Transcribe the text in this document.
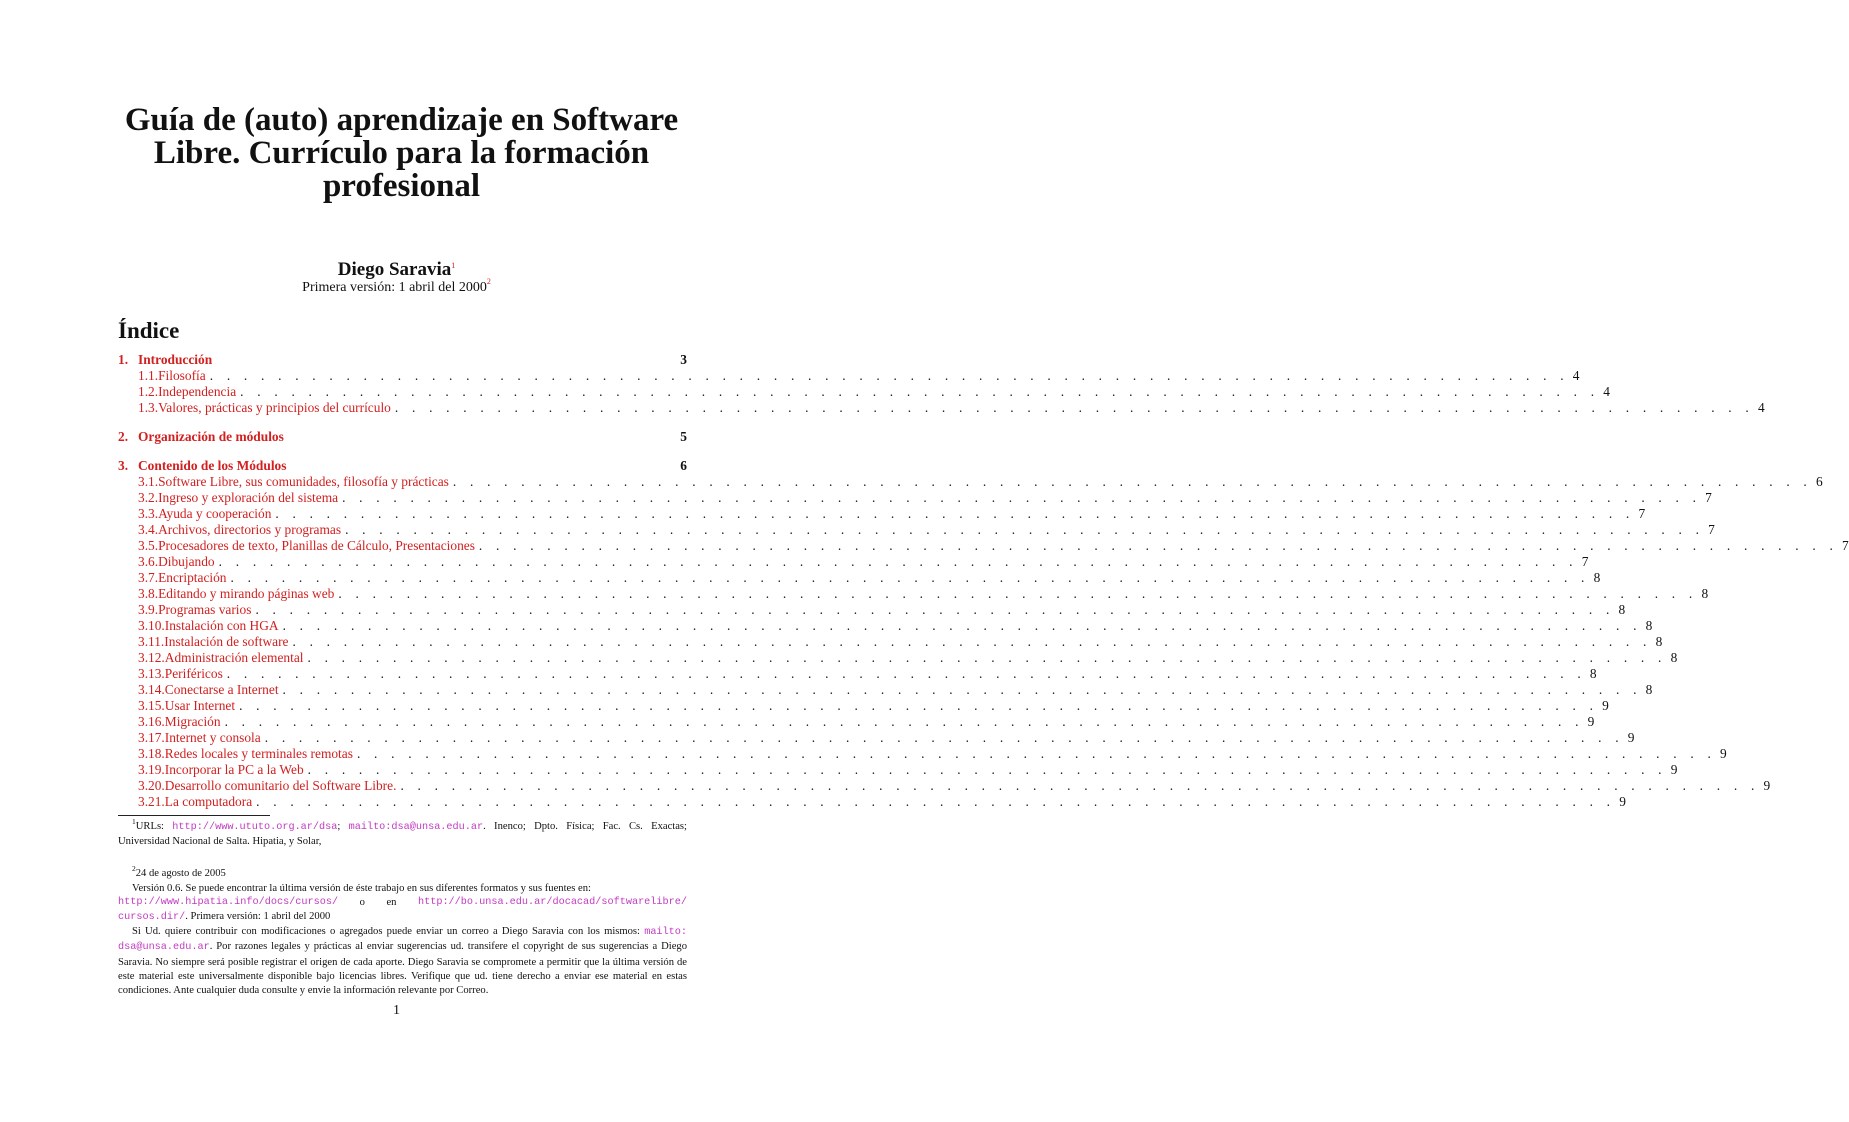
Guía de (auto) aprendizaje en Software
Libre. Currículo para la formación
profesional
Diego Saravia$^1$
Primera versión: 1 abril del 2000$^2$
Índice
1. Introducción	3
1.1. Filosofía . . . . . . . . . . . . . . . . . . . . . . . . . . . . . . . . . . . . . . . . . . . . . . . . . . . . . . . . . . . . . . . . . . . . . . . . . . . . . . . . 4
1.2. Independencia . . . . . . . . . . . . . . . . . . . . . . . . . . . . . . . . . . . . . . . . . . . . . . . . . . . . . . . . . . . . . . . . . . . . . . . . . . . . . . . . 4
1.3. Valores, prácticas y principios del currículo . . . . . . . . . . . . . . . . . . . . . . . . . . . . . . . . . . . . . . . . . . . . . . . . . . . . . . . . . . . . . . . . . . . . . . . . . . . . . . . . 4
2. Organización de módulos	5
3. Contenido de los Módulos	6
3.1. Software Libre, sus comunidades, filosofía y prácticas . . . . . . . . . . . . . . . . . . . . . . . . . . . . . . . . . . . . . . . . . . . . . . . . . . . . . . . . . . . . . . . . . . . . . . . . . . . . . . . . 6
3.2. Ingreso y exploración del sistema . . . . . . . . . . . . . . . . . . . . . . . . . . . . . . . . . . . . . . . . . . . . . . . . . . . . . . . . . . . . . . . . . . . . . . . . . . . . . . . . 7
3.3. Ayuda y cooperación . . . . . . . . . . . . . . . . . . . . . . . . . . . . . . . . . . . . . . . . . . . . . . . . . . . . . . . . . . . . . . . . . . . . . . . . . . . . . . . . 7
3.4. Archivos, directorios y programas . . . . . . . . . . . . . . . . . . . . . . . . . . . . . . . . . . . . . . . . . . . . . . . . . . . . . . . . . . . . . . . . . . . . . . . . . . . . . . . . 7
3.5. Procesadores de texto, Planillas de Cálculo, Presentaciones . . . . . . . . . . . . . . . . . . . . . . . . . . . . . . . . . . . . . . . . . . . . . . . . . . . . . . . . . . . . . . . . . . . . . . . . . . . . . . . . 7
3.6. Dibujando . . . . . . . . . . . . . . . . . . . . . . . . . . . . . . . . . . . . . . . . . . . . . . . . . . . . . . . . . . . . . . . . . . . . . . . . . . . . . . . . 7
3.7. Encriptación . . . . . . . . . . . . . . . . . . . . . . . . . . . . . . . . . . . . . . . . . . . . . . . . . . . . . . . . . . . . . . . . . . . . . . . . . . . . . . . . 8
3.8. Editando y mirando páginas web . . . . . . . . . . . . . . . . . . . . . . . . . . . . . . . . . . . . . . . . . . . . . . . . . . . . . . . . . . . . . . . . . . . . . . . . . . . . . . . . 8
3.9. Programas varios . . . . . . . . . . . . . . . . . . . . . . . . . . . . . . . . . . . . . . . . . . . . . . . . . . . . . . . . . . . . . . . . . . . . . . . . . . . . . . . . 8
3.10. Instalación con HGA . . . . . . . . . . . . . . . . . . . . . . . . . . . . . . . . . . . . . . . . . . . . . . . . . . . . . . . . . . . . . . . . . . . . . . . . . . . . . . . . 8
3.11. Instalación de software . . . . . . . . . . . . . . . . . . . . . . . . . . . . . . . . . . . . . . . . . . . . . . . . . . . . . . . . . . . . . . . . . . . . . . . . . . . . . . . . 8
3.12. Administración elemental . . . . . . . . . . . . . . . . . . . . . . . . . . . . . . . . . . . . . . . . . . . . . . . . . . . . . . . . . . . . . . . . . . . . . . . . . . . . . . . . 8
3.13. Periféricos . . . . . . . . . . . . . . . . . . . . . . . . . . . . . . . . . . . . . . . . . . . . . . . . . . . . . . . . . . . . . . . . . . . . . . . . . . . . . . . . 8
3.14. Conectarse a Internet . . . . . . . . . . . . . . . . . . . . . . . . . . . . . . . . . . . . . . . . . . . . . . . . . . . . . . . . . . . . . . . . . . . . . . . . . . . . . . . . 8
3.15. Usar Internet . . . . . . . . . . . . . . . . . . . . . . . . . . . . . . . . . . . . . . . . . . . . . . . . . . . . . . . . . . . . . . . . . . . . . . . . . . . . . . . . 9
3.16. Migración . . . . . . . . . . . . . . . . . . . . . . . . . . . . . . . . . . . . . . . . . . . . . . . . . . . . . . . . . . . . . . . . . . . . . . . . . . . . . . . . 9
3.17. Internet y consola . . . . . . . . . . . . . . . . . . . . . . . . . . . . . . . . . . . . . . . . . . . . . . . . . . . . . . . . . . . . . . . . . . . . . . . . . . . . . . . . 9
3.18. Redes locales y terminales remotas . . . . . . . . . . . . . . . . . . . . . . . . . . . . . . . . . . . . . . . . . . . . . . . . . . . . . . . . . . . . . . . . . . . . . . . . . . . . . . . . 9
3.19. Incorporar la PC a la Web . . . . . . . . . . . . . . . . . . . . . . . . . . . . . . . . . . . . . . . . . . . . . . . . . . . . . . . . . . . . . . . . . . . . . . . . . . . . . . . . 9
3.20. Desarrollo comunitario del Software Libre. . . . . . . . . . . . . . . . . . . . . . . . . . . . . . . . . . . . . . . . . . . . . . . . . . . . . . . . . . . . . . . . . . . . . . . . . . . . . . . . . 9
3.21. La computadora . . . . . . . . . . . . . . . . . . . . . . . . . . . . . . . . . . . . . . . . . . . . . . . . . . . . . . . . . . . . . . . . . . . . . . . . . . . . . . . . 9

$^1$URLs: http://www.ututo.org.ar/dsa; mailto:dsa@unsa.edu.ar. Inenco; Dpto. Física; Fac. Cs. Exactas; Universidad Nacional de Salta. Hipatia, y Solar,

$^2$24 de agosto de 2005

Versión 0.6. Se puede encontrar la última versión de éste trabajo en sus diferentes formatos y sus fuentes en:

http://www.hipatia.info/docs/cursos/ o en http://bo.unsa.edu.ar/docacad/softwarelibre/

cursos.dir/. Primera versión: 1 abril del 2000

Si Ud. quiere contribuir con modificaciones o agregados puede enviar un correo a Diego Saravia con los mismos: mailto: dsa@unsa.edu.ar. Por razones legales y prácticas al enviar sugerencias ud. transifere el copyright de sus sugerencias a Diego Saravia. No siempre será posible registrar el origen de cada aporte. Diego Saravia se compromete a permitir que la última versión de este material este universalmente disponible bajo licencias libres. Verifique que ud. tiene derecho a enviar ese material en estas condiciones. Ante cualquier duda consulte y envie la información relevante por Correo.

1
